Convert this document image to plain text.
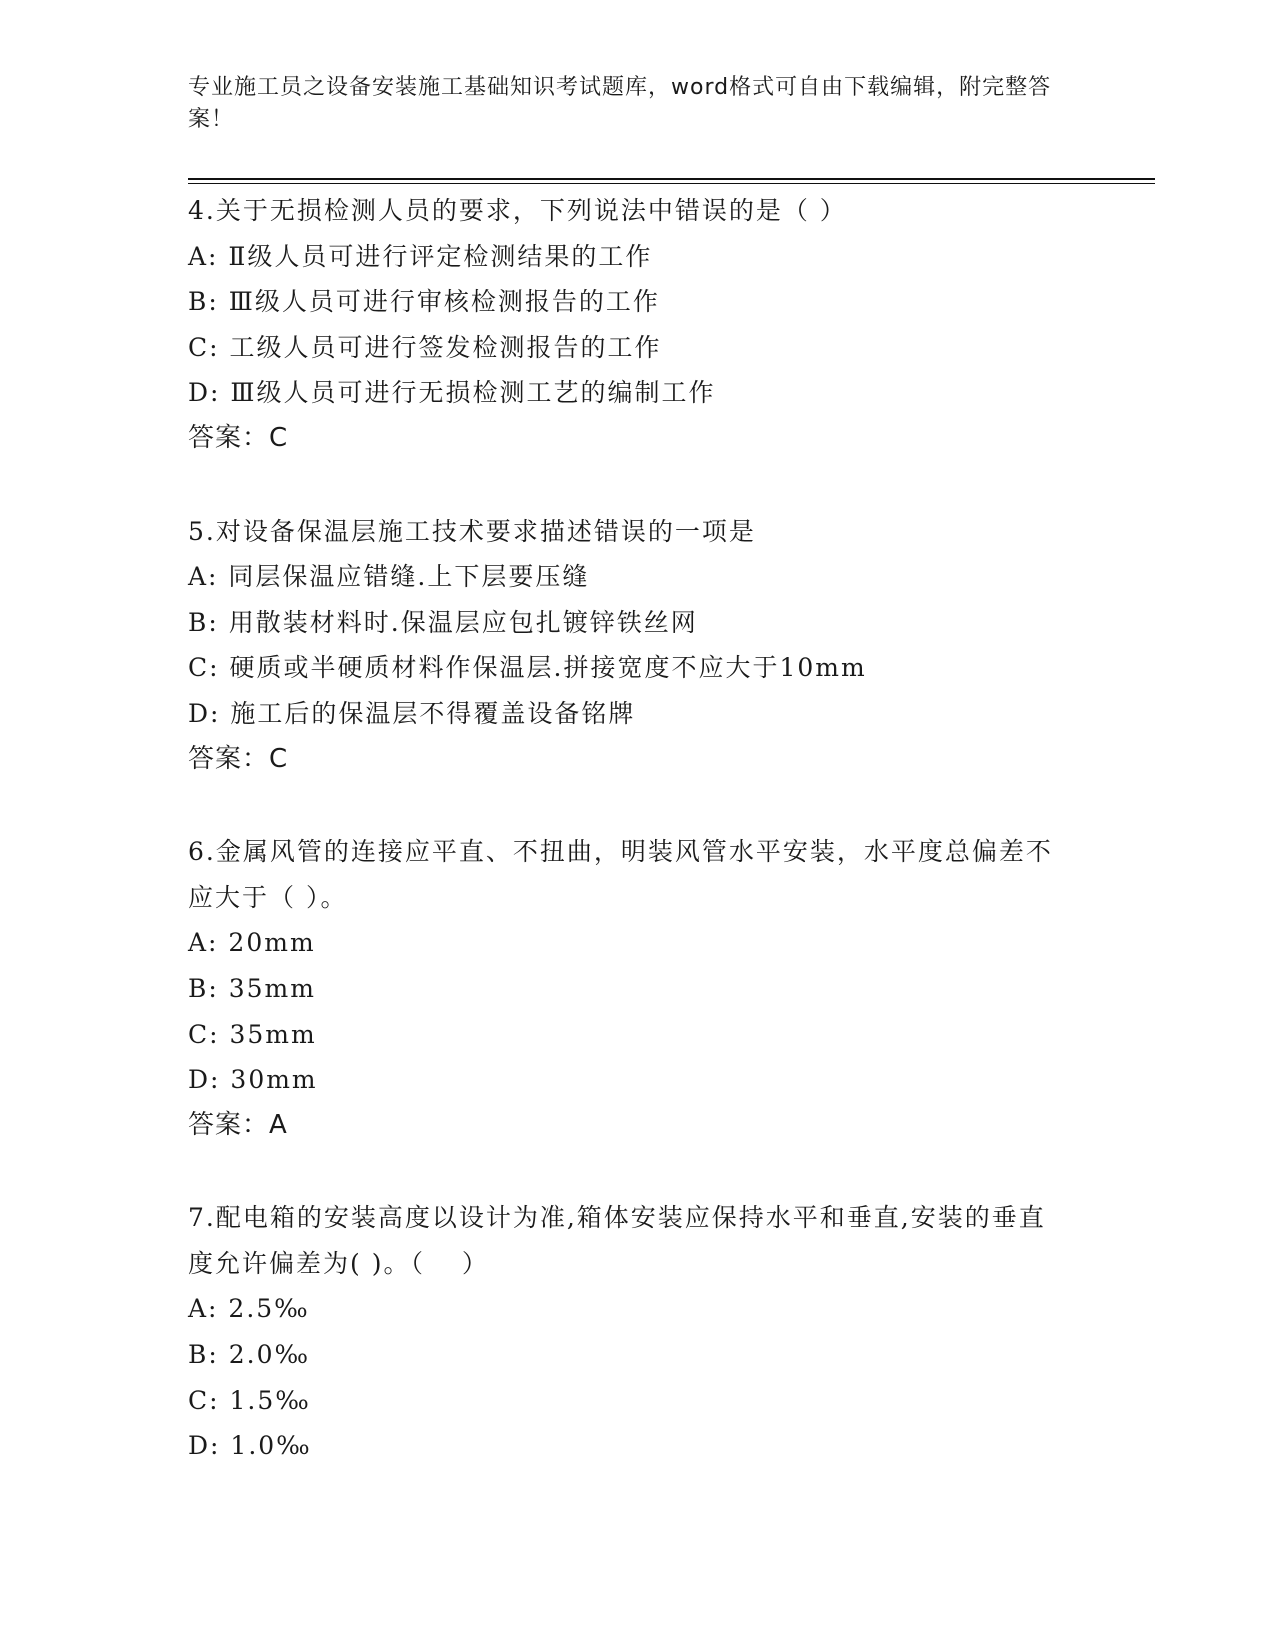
专业施工员之设备安装施工基础知识考试题库，word格式可自由下载编辑，附完整答案！
4.关于无损检测人员的要求，下列说法中错误的是（ ）
A: Ⅱ级人员可进行评定检测结果的工作
B: Ⅲ级人员可进行审核检测报告的工作
C: 工级人员可进行签发检测报告的工作
D: Ⅲ级人员可进行无损检测工艺的编制工作
答案：C
5.对设备保温层施工技术要求描述错误的一项是
A: 同层保温应错缝.上下层要压缝
B: 用散装材料时.保温层应包扎镀锌铁丝网
C: 硬质或半硬质材料作保温层.拼接宽度不应大于10mm
D: 施工后的保温层不得覆盖设备铭牌
答案：C
6.金属风管的连接应平直、不扭曲，明装风管水平安装，水平度总偏差不应大于（ ）。
A: 20mm
B: 35mm
C: 35mm
D: 30mm
答案：A
7.配电箱的安装高度以设计为准,箱体安装应保持水平和垂直,安装的垂直度允许偏差为( )。（　 ）
A: 2.5‰
B: 2.0‰
C: 1.5‰
D: 1.0‰
